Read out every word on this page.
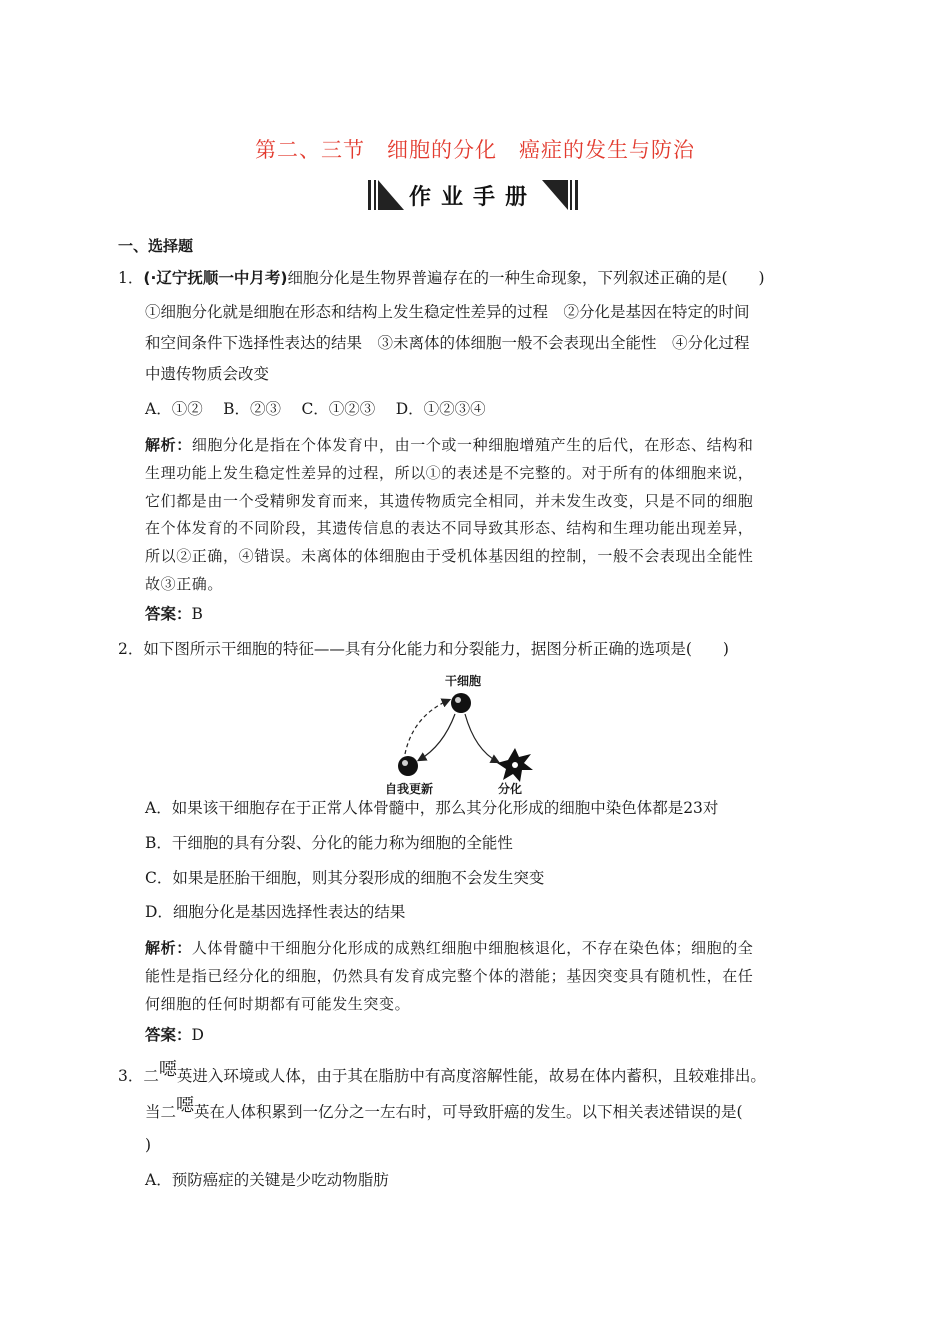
第二、三节　细胞的分化　癌症的发生与防治
作业手册
一、选择题
1．(·辽宁抚顺一中月考)细胞分化是生物界普遍存在的一种生命现象，下列叙述正确的是(　　)
①细胞分化就是细胞在形态和结构上发生稳定性差异的过程　②分化是基因在特定的时间
和空间条件下选择性表达的结果　③未离体的体细胞一般不会表现出全能性　④分化过程
中遗传物质会改变
A．①②　 B．②③　 C．①②③　 D．①②③④
解析：细胞分化是指在个体发育中，由一个或一种细胞增殖产生的后代，在形态、结构和
生理功能上发生稳定性差异的过程，所以①的表述是不完整的。对于所有的体细胞来说，
它们都是由一个受精卵发育而来，其遗传物质完全相同，并未发生改变，只是不同的细胞
在个体发育的不同阶段，其遗传信息的表达不同导致其形态、结构和生理功能出现差异，
所以②正确，④错误。未离体的体细胞由于受机体基因组的控制，一般不会表现出全能性
故③正确。
答案：B
2．如下图所示干细胞的特征——具有分化能力和分裂能力，据图分析正确的选项是(　　)
干细胞
自我更新	分化
A．如果该干细胞存在于正常人体骨髓中，那么其分化形成的细胞中染色体都是23对
B．干细胞的具有分裂、分化的能力称为细胞的全能性
C．如果是胚胎干细胞，则其分裂形成的细胞不会发生突变
D．细胞分化是基因选择性表达的结果
解析：人体骨髓中干细胞分化形成的成熟红细胞中细胞核退化，不存在染色体；细胞的全
能性是指已经分化的细胞，仍然具有发育成完整个体的潜能；基因突变具有随机性，在任
何细胞的任何时期都有可能发生突变。
答案：D
3．二噁英进入环境或人体，由于其在脂肪中有高度溶解性能，故易在体内蓄积，且较难排出。
当二噁英在人体积累到一亿分之一左右时，可导致肝癌的发生。以下相关表述错误的是(
)
A．预防癌症的关键是少吃动物脂肪
